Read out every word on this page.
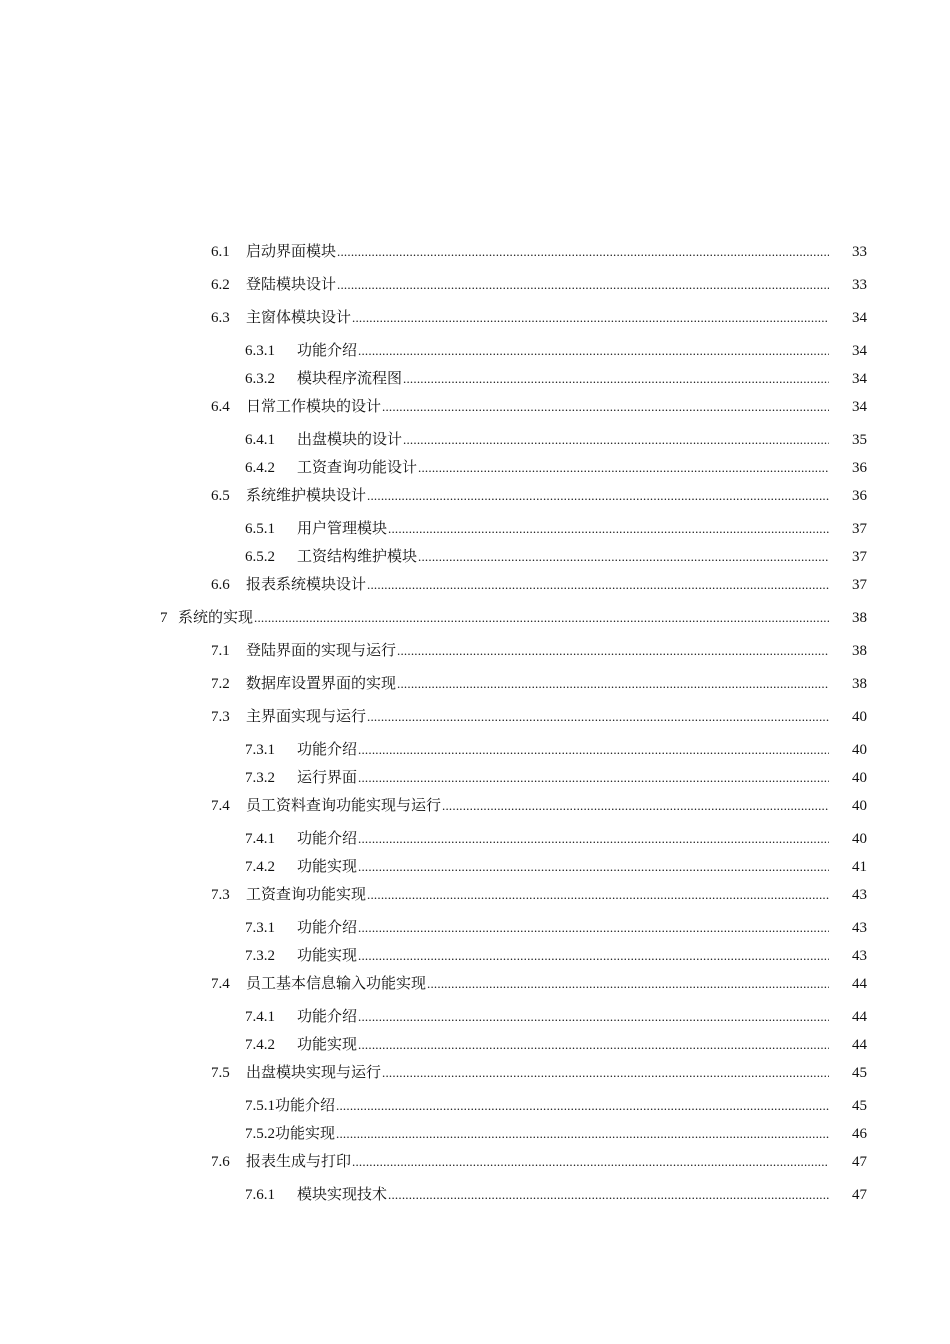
.....
6.1 启动界面模块	33
.....
6.2 登陆模块设计	33
.....
6.3 主窗体模块设计	34
.....
6.3.1 功能介绍	34
.....
6.3.2 模块程序流程图	34
.....
6.4 日常工作模块的设计	34
.....
6.4.1 出盘模块的设计	35
.....
6.4.2 工资查询功能设计	36
.....
6.5 系统维护模块设计	36
.....
6.5.1 用户管理模块	37
.....
6.5.2 工资结构维护模块	37
.....
6.6 报表系统模块设计	37
.....
7 系统的实现	38
.....
7.1 登陆界面的实现与运行	38
.....
7.2 数据库设置界面的实现	38
.....
7.3 主界面实现与运行	40
.....
7.3.1 功能介绍	40
.....
7.3.2 运行界面	40
.....
7.4 员工资料查询功能实现与运行	40
.....
7.4.1 功能介绍	40
.....
7.4.2 功能实现	41
.....
7.3 工资查询功能实现	43
.....
7.3.1 功能介绍	43
.....
7.3.2 功能实现	43
.....
7.4 员工基本信息输入功能实现	44
.....
7.4.1 功能介绍	44
.....
7.4.2 功能实现	44
.....
7.5 出盘模块实现与运行	45
.....
7.5.1功能介绍	45
.....
7.5.2功能实现	46
.....
7.6 报表生成与打印	47
.....
7.6.1 模块实现技术	47
